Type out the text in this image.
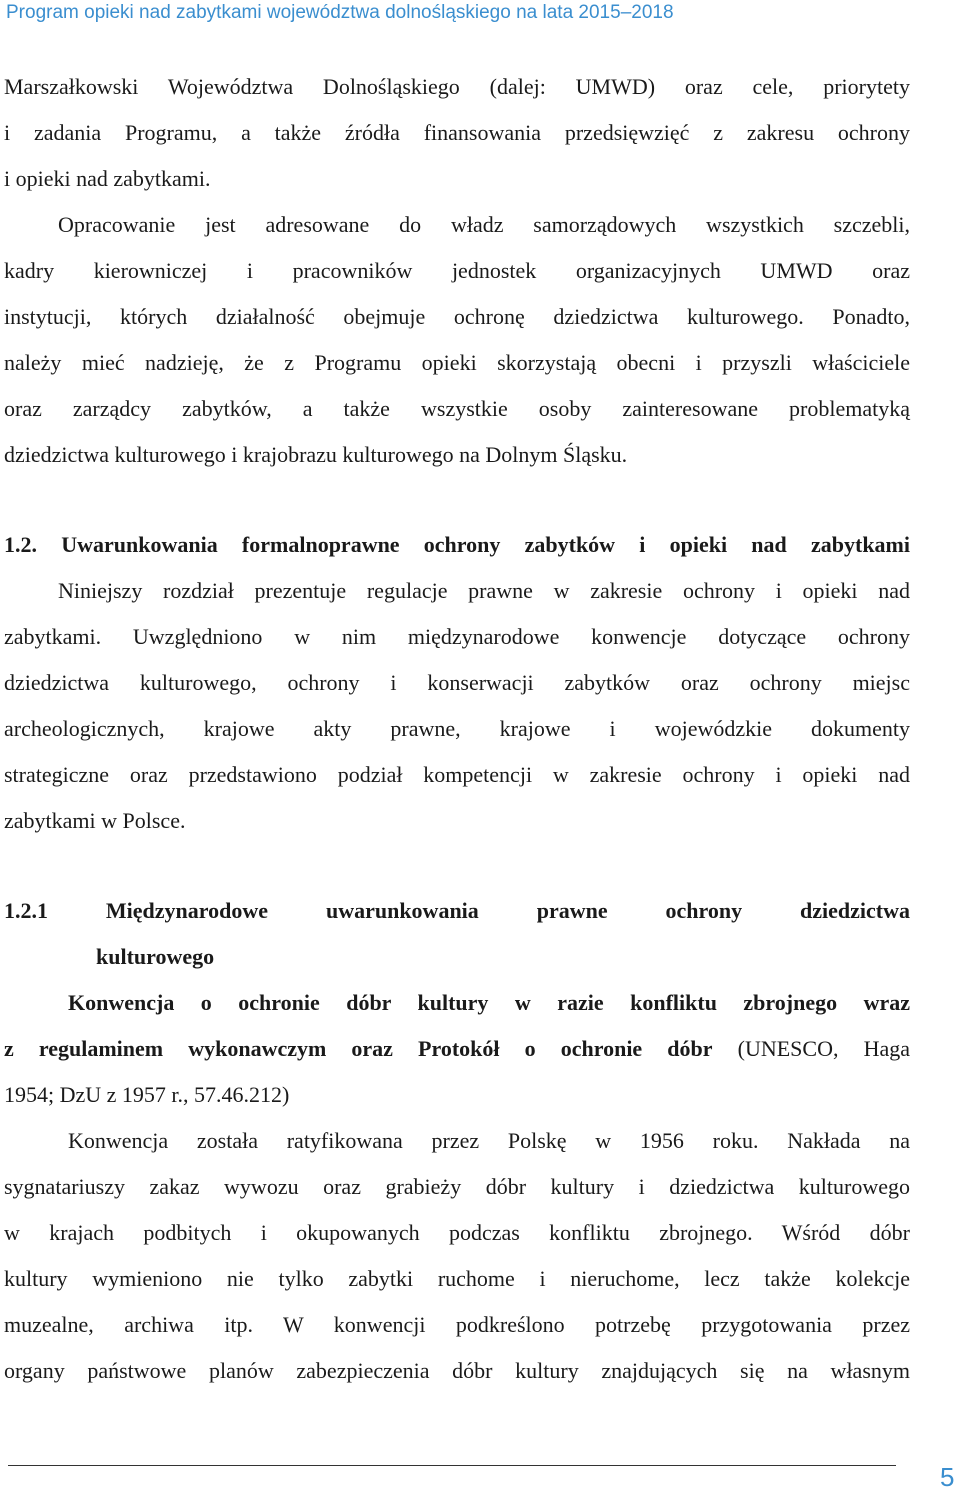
Program opieki nad zabytkami województwa dolnośląskiego na lata 2015–2018
Marszałkowski Województwa Dolnośląskiego (dalej: UMWD) oraz cele, priorytety
i zadania Programu, a także źródła finansowania przedsięwzięć z zakresu ochrony
i opieki nad zabytkami.
Opracowanie jest adresowane do władz samorządowych wszystkich szczebli,
kadry kierowniczej i pracowników jednostek organizacyjnych UMWD oraz
instytucji, których działalność obejmuje ochronę dziedzictwa kulturowego. Ponadto,
należy mieć nadzieję, że z Programu opieki skorzystają obecni i przyszli właściciele
oraz zarządcy zabytków, a także wszystkie osoby zainteresowane problematyką
dziedzictwa kulturowego i krajobrazu kulturowego na Dolnym Śląsku.
1.2. Uwarunkowania formalnoprawne ochrony zabytków i opieki nad zabytkami
Niniejszy rozdział prezentuje regulacje prawne w zakresie ochrony i opieki nad
zabytkami. Uwzględniono w nim międzynarodowe konwencje dotyczące ochrony
dziedzictwa kulturowego, ochrony i konserwacji zabytków oraz ochrony miejsc
archeologicznych, krajowe akty prawne, krajowe i wojewódzkie dokumenty
strategiczne oraz przedstawiono podział kompetencji w zakresie ochrony i opieki nad
zabytkami w Polsce.
1.2.1 Międzynarodowe uwarunkowania prawne ochrony dziedzictwa
kulturowego
Konwencja o ochronie dóbr kultury w razie konfliktu zbrojnego wraz
z regulaminem wykonawczym oraz Protokół o ochronie dóbr (UNESCO, Haga
1954; DzU z 1957 r., 57.46.212)
Konwencja została ratyfikowana przez Polskę w 1956 roku. Nakłada na
sygnatariuszy zakaz wywozu oraz grabieży dóbr kultury i dziedzictwa kulturowego
w krajach podbitych i okupowanych podczas konfliktu zbrojnego. Wśród dóbr
kultury wymieniono nie tylko zabytki ruchome i nieruchome, lecz także kolekcje
muzealne, archiwa itp. W konwencji podkreślono potrzebę przygotowania przez
organy państwowe planów zabezpieczenia dóbr kultury znajdujących się na własnym
5
